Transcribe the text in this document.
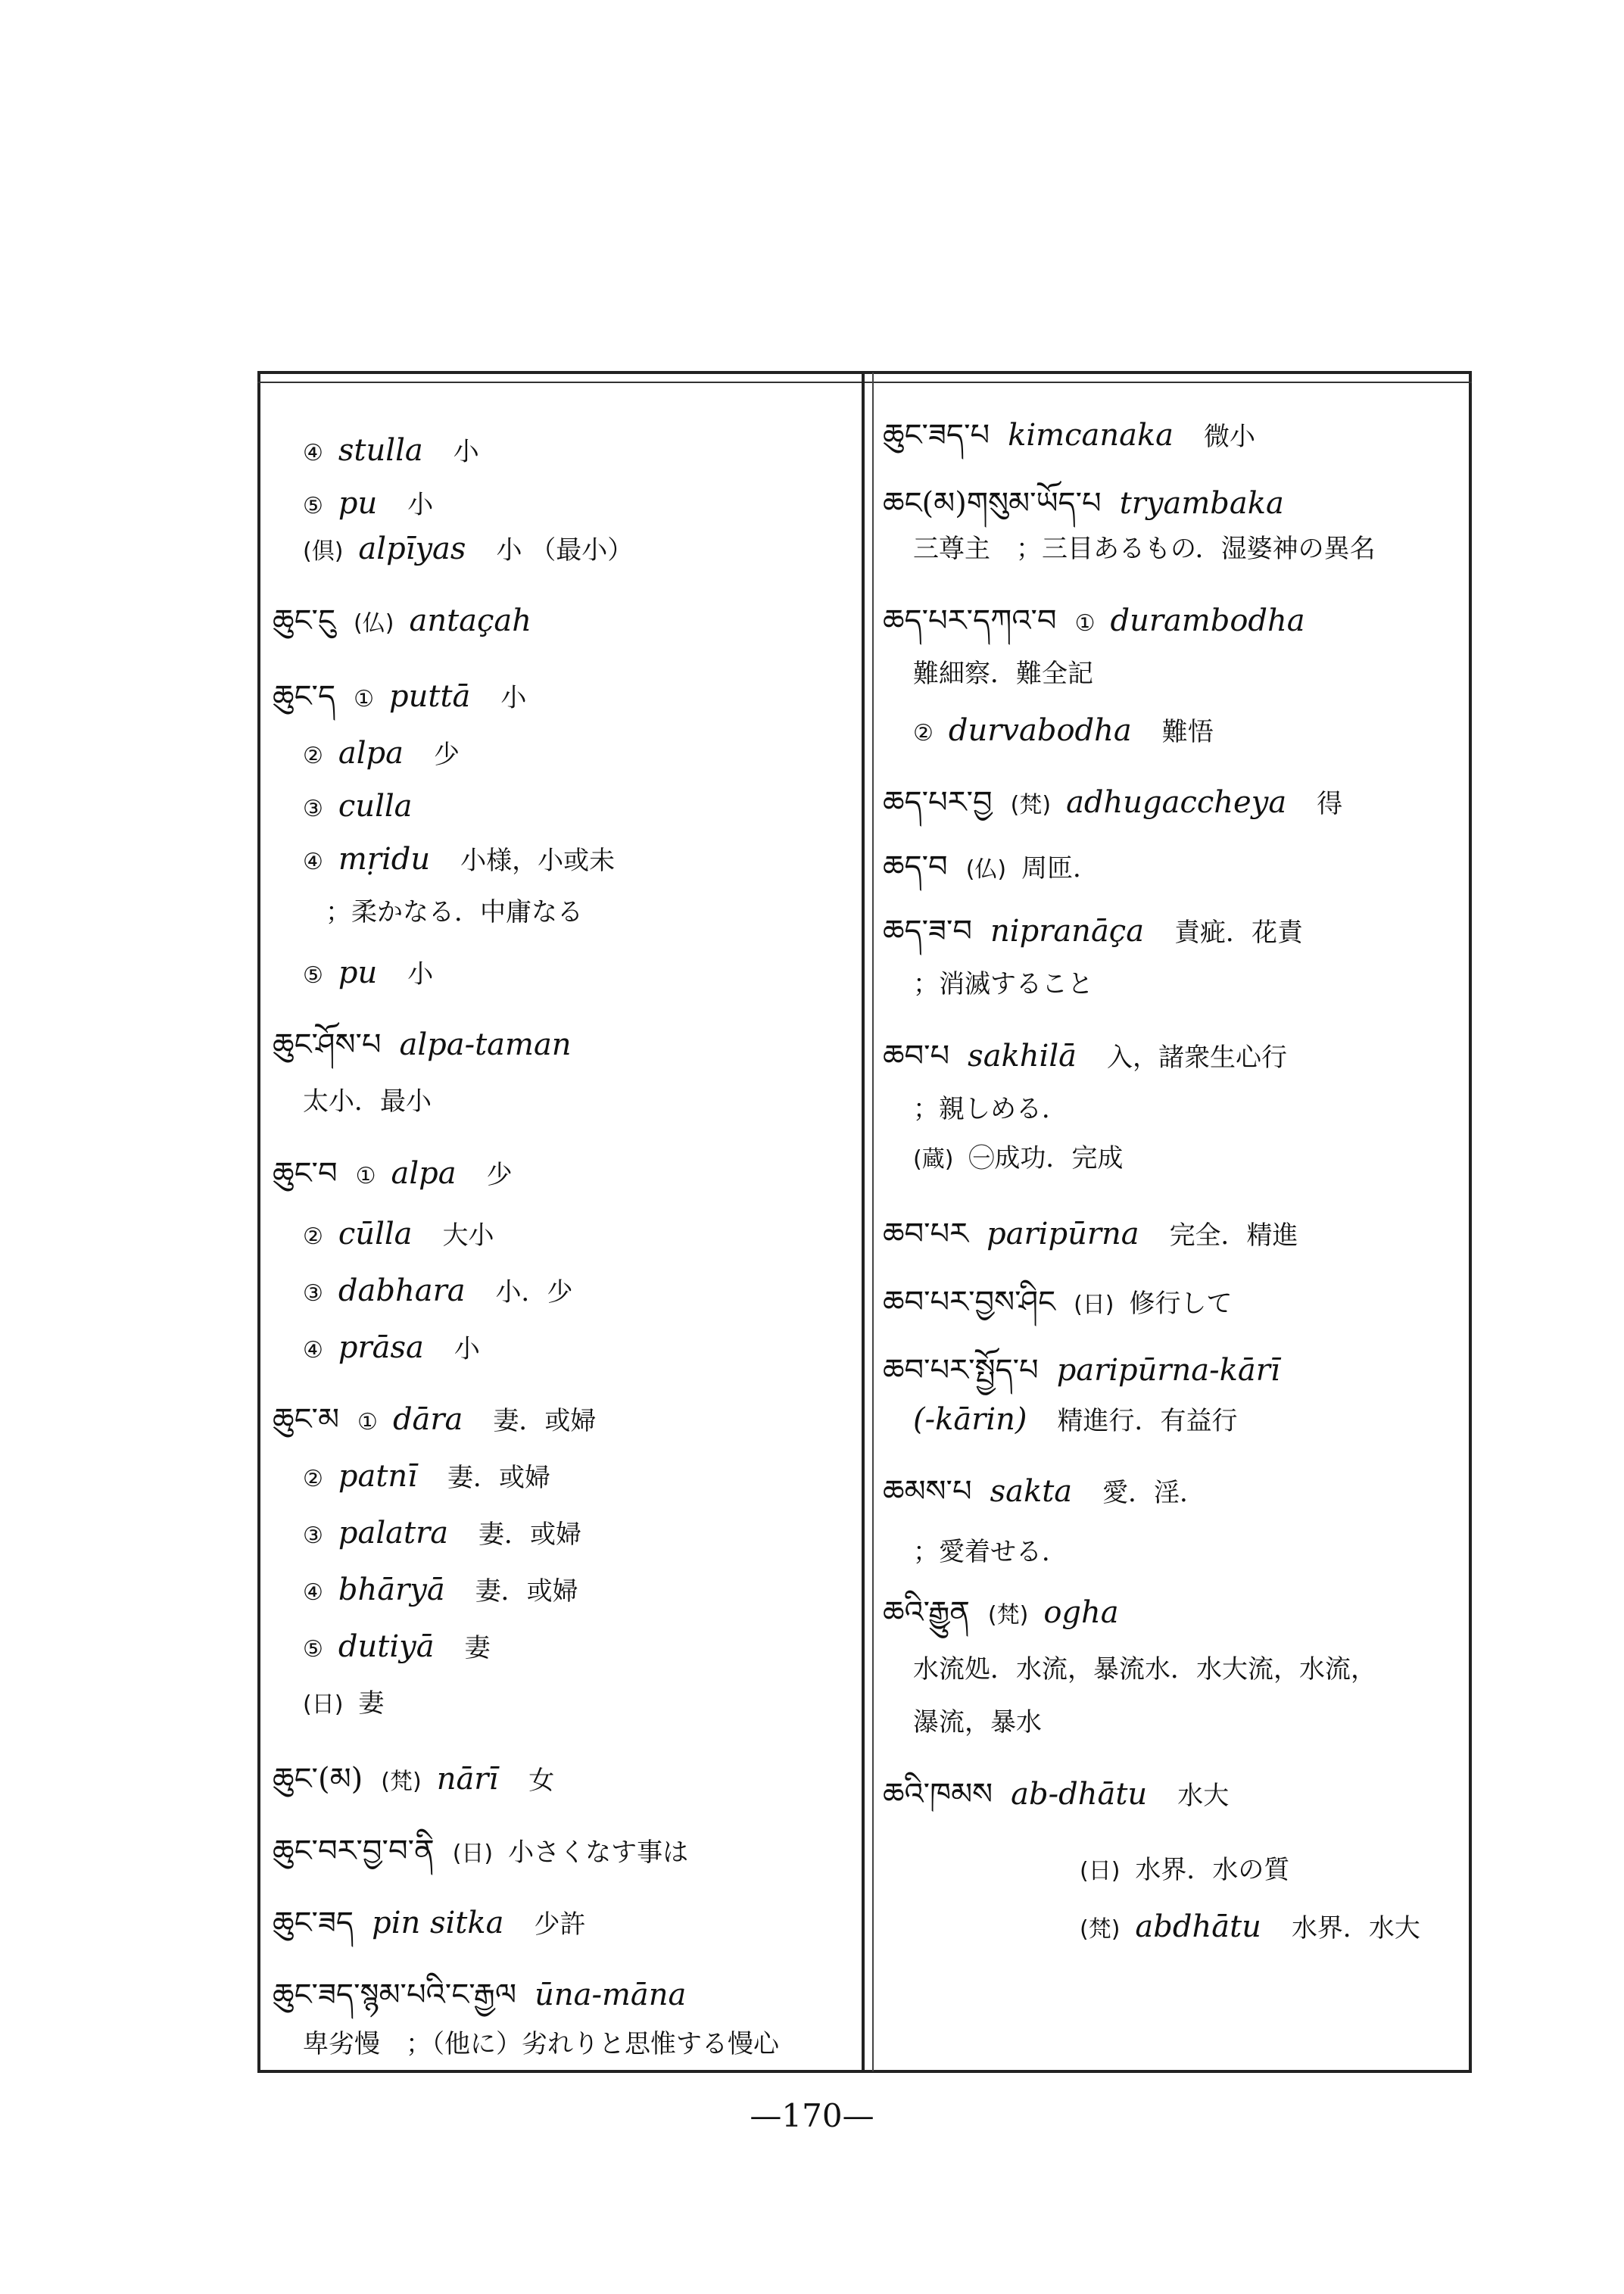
④ stulla 小
⑤ pu 小
(倶) alpīyas 小 （最小）
ཆུང་ངུ (仏) antaçah
ཆུང་ད ① puttā 小
② alpa 少
③ culla
④ mṛidu 小様，小或未
；柔かなる．中庸なる
⑤ pu 小
ཆུང་ཤོས་པ alpa-taman
太小．最小
ཆུང་བ ① alpa 少
② cūlla 大小
③ dabhara 小．少
④ prāsa 小
ཆུང་མ ① dāra 妻．或婦
② patnī 妻．或婦
③ palatra 妻．或婦
④ bhāryā 妻．或婦
⑤ dutiyā 妻
(日) 妻
ཆུང་(མ) (梵) nārī 女
ཆུང་བར་བྱ་བ་ནི (日) 小さくなす事は
ཆུང་ཟད pin sitka 少許
ཆུང་ཟད་སྙམ་པའི་ང་རྒྱལ ūna-māna
卑劣慢　；（他に）劣れりと思惟する慢心
ཆུང་ཟད་པ kimcanaka 微小
ཆང(མ)གསུམ་ཡོད་པ tryambaka
三尊主　；三目あるもの．湿婆神の異名
ཆད་པར་དཀའ་བ ① durambodha
難細察．難全記
② durvabodha 難悟
ཆད་པར་བྱ (梵) adhugaccheya 得
ཆད་བ (仏) 周匝．
ཆད་ཟ་བ nipranāça 責疵．花責
；消滅すること
ཆབ་པ sakhilā 入，諸衆生心行
；親しめる．
(蔵) ㊀成功．完成
ཆབ་པར paripūrna 完全．精進
ཆབ་པར་བྱས་ཤིང (日) 修行して
ཆབ་པར་སྤྱོད་པ paripūrna-kārī
(-kārin) 精進行．有益行
ཆམས་པ sakta 愛．淫．
；愛着せる．
ཆའི་རྒྱུན (梵) ogha
水流処．水流，暴流水．水大流，水流，
瀑流，暴水
ཆའི་ཁམས ab-dhātu 水大
(日) 水界．水の質
(梵) abdhātu 水界．水大
—170—
